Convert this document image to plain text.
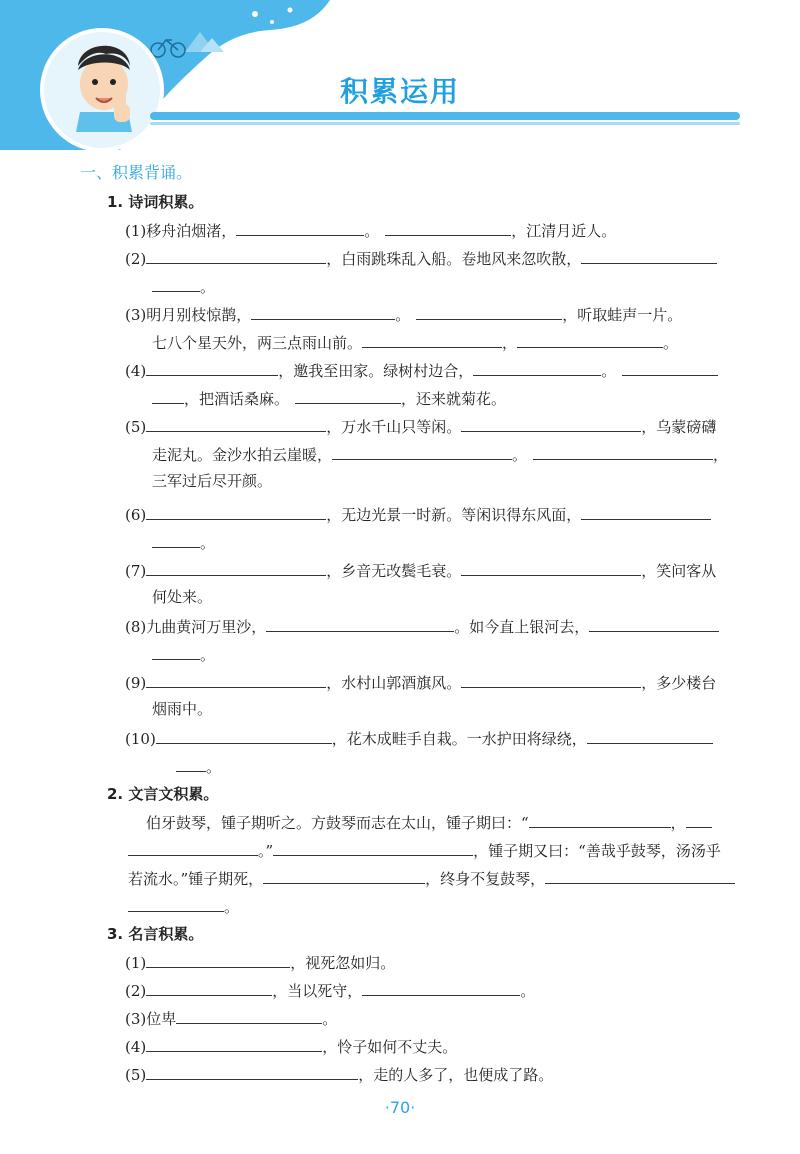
积累运用
一、积累背诵。
1. 诗词积累。
(1)移舟泊烟渚，	。	，江清月近人。
(2)	，白雨跳珠乱入船。卷地风来忽吹散，
。
(3)明月别枝惊鹊，	。	，听取蛙声一片。
七八个星天外，两三点雨山前。	，	。
(4)	，邀我至田家。绿树村边合，	。
，把酒话桑麻。	，还来就菊花。
(5)	，万水千山只等闲。	，乌蒙磅礴
走泥丸。金沙水拍云崖暖，	。	，
三军过后尽开颜。
(6)	，无边光景一时新。等闲识得东风面，
。
(7)	，乡音无改鬓毛衰。	，笑问客从
何处来。
(8)九曲黄河万里沙，	。如今直上银河去，
。
(9)	，水村山郭酒旗风。	，多少楼台
烟雨中。
(10)	，花木成畦手自栽。一水护田将绿绕，
。
2. 文言文积累。
伯牙鼓琴，锺子期听之。方鼓琴而志在太山，锺子期曰：“	，
。”	，锺子期又曰：“善哉乎鼓琴，汤汤乎
若流水。”锺子期死，	，终身不复鼓琴，
。
3. 名言积累。
(1)	，视死忽如归。
(2)	，当以死守，	。
(3)位卑	。
(4)	，怜子如何不丈夫。
(5)	，走的人多了，也便成了路。
·70·
